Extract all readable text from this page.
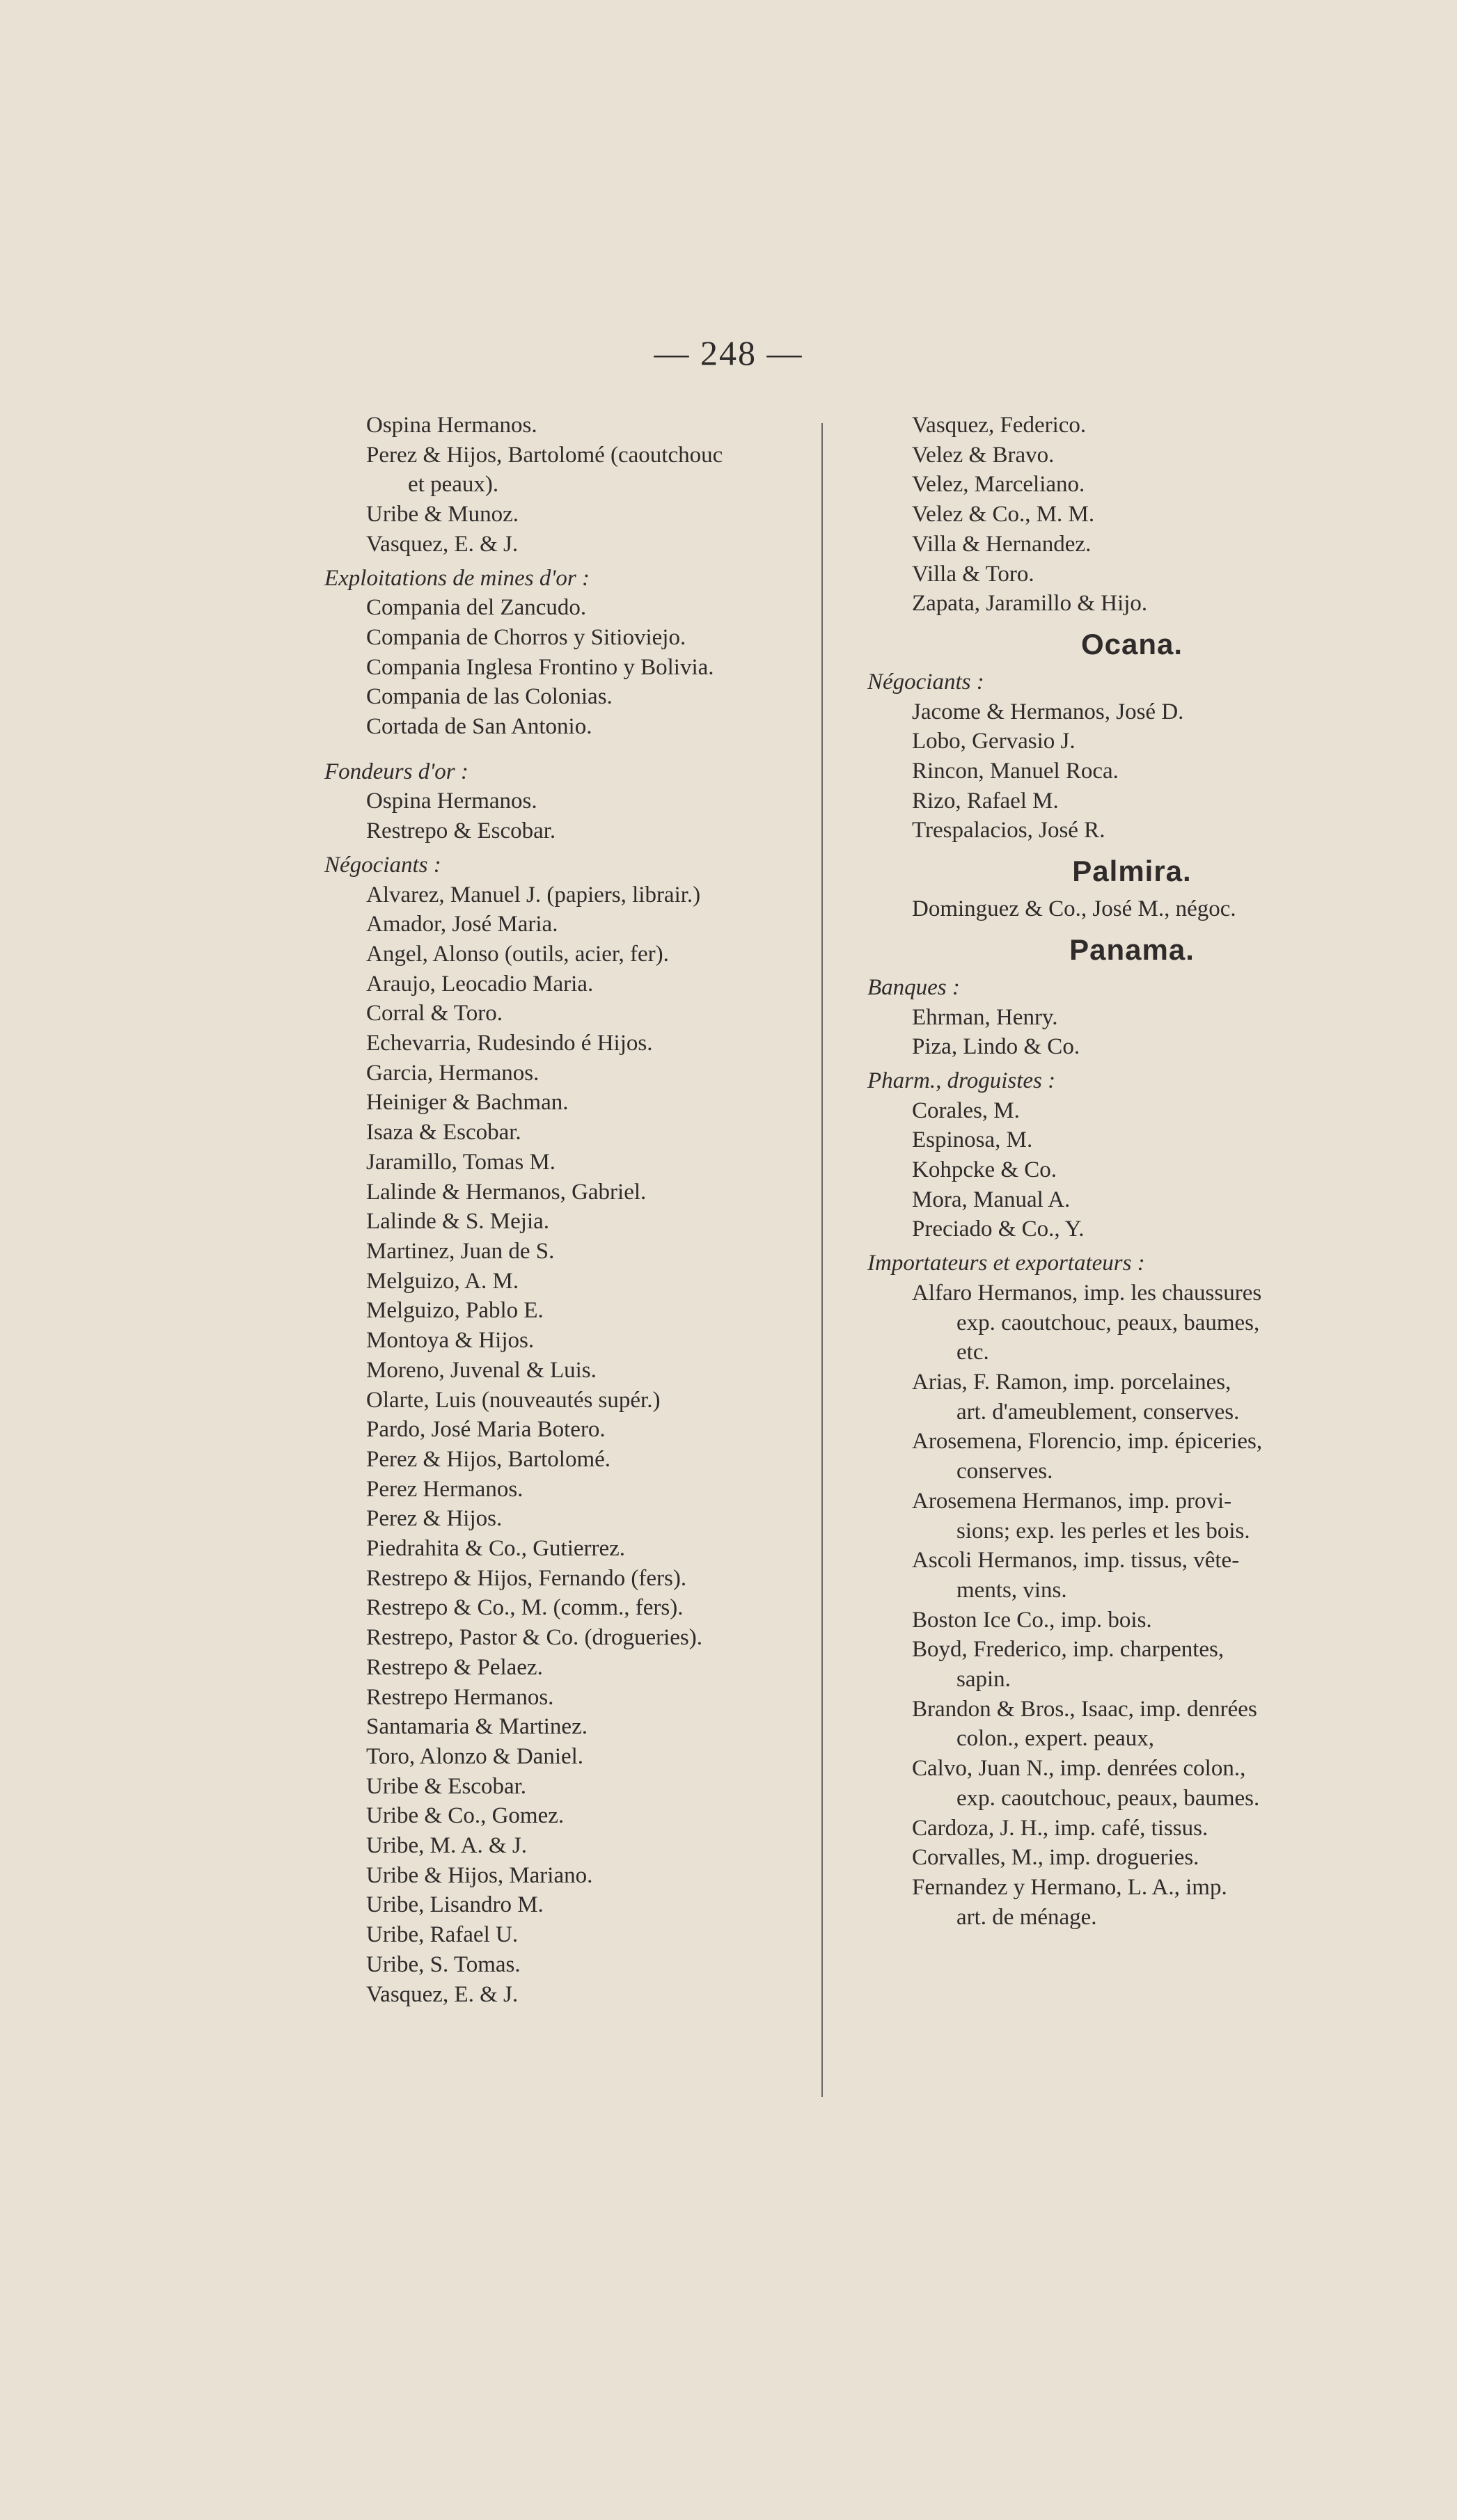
— 248 —
Ospina Hermanos.
Perez & Hijos, Bartolomé (caoutchouc
et peaux).
Uribe & Munoz.
Vasquez, E. & J.
Exploitations de mines d'or :
Compania del Zancudo.
Compania de Chorros y Sitioviejo.
Compania Inglesa Frontino y Bolivia.
Compania de las Colonias.
Cortada de San Antonio.
Fondeurs d'or :
Ospina Hermanos.
Restrepo & Escobar.
Négociants :
Alvarez, Manuel J. (papiers, librair.)
Amador, José Maria.
Angel, Alonso (outils, acier, fer).
Araujo, Leocadio Maria.
Corral & Toro.
Echevarria, Rudesindo é Hijos.
Garcia, Hermanos.
Heiniger & Bachman.
Isaza & Escobar.
Jaramillo, Tomas M.
Lalinde & Hermanos, Gabriel.
Lalinde & S. Mejia.
Martinez, Juan de S.
Melguizo, A. M.
Melguizo, Pablo E.
Montoya & Hijos.
Moreno, Juvenal & Luis.
Olarte, Luis (nouveautés supér.)
Pardo, José Maria Botero.
Perez & Hijos, Bartolomé.
Perez Hermanos.
Perez & Hijos.
Piedrahita & Co., Gutierrez.
Restrepo & Hijos, Fernando (fers).
Restrepo & Co., M. (comm., fers).
Restrepo, Pastor & Co. (drogueries).
Restrepo & Pelaez.
Restrepo Hermanos.
Santamaria & Martinez.
Toro, Alonzo & Daniel.
Uribe & Escobar.
Uribe & Co., Gomez.
Uribe, M. A. & J.
Uribe & Hijos, Mariano.
Uribe, Lisandro M.
Uribe, Rafael U.
Uribe, S. Tomas.
Vasquez, E. & J.
Vasquez, Federico.
Velez & Bravo.
Velez, Marceliano.
Velez & Co., M. M.
Villa & Hernandez.
Villa & Toro.
Zapata, Jaramillo & Hijo.
Ocana.
Négociants :
Jacome & Hermanos, José D.
Lobo, Gervasio J.
Rincon, Manuel Roca.
Rizo, Rafael M.
Trespalacios, José R.
Palmira.
Dominguez & Co., José M., négoc.
Panama.
Banques :
Ehrman, Henry.
Piza, Lindo & Co.
Pharm., droguistes :
Corales, M.
Espinosa, M.
Kohpcke & Co.
Mora, Manual A.
Preciado & Co., Y.
Importateurs et exportateurs :
Alfaro Hermanos, imp. les chaussures
exp. caoutchouc, peaux, baumes,
etc.
Arias, F. Ramon, imp. porcelaines,
art. d'ameublement, conserves.
Arosemena, Florencio, imp. épiceries,
conserves.
Arosemena Hermanos, imp. provi-
sions; exp. les perles et les bois.
Ascoli Hermanos, imp. tissus, vête-
ments, vins.
Boston Ice Co., imp. bois.
Boyd, Frederico, imp. charpentes,
sapin.
Brandon & Bros., Isaac, imp. denrées
colon., expert. peaux,
Calvo, Juan N., imp. denrées colon.,
exp. caoutchouc, peaux, baumes.
Cardoza, J. H., imp. café, tissus.
Corvalles, M., imp. drogueries.
Fernandez y Hermano, L. A., imp.
art. de ménage.
